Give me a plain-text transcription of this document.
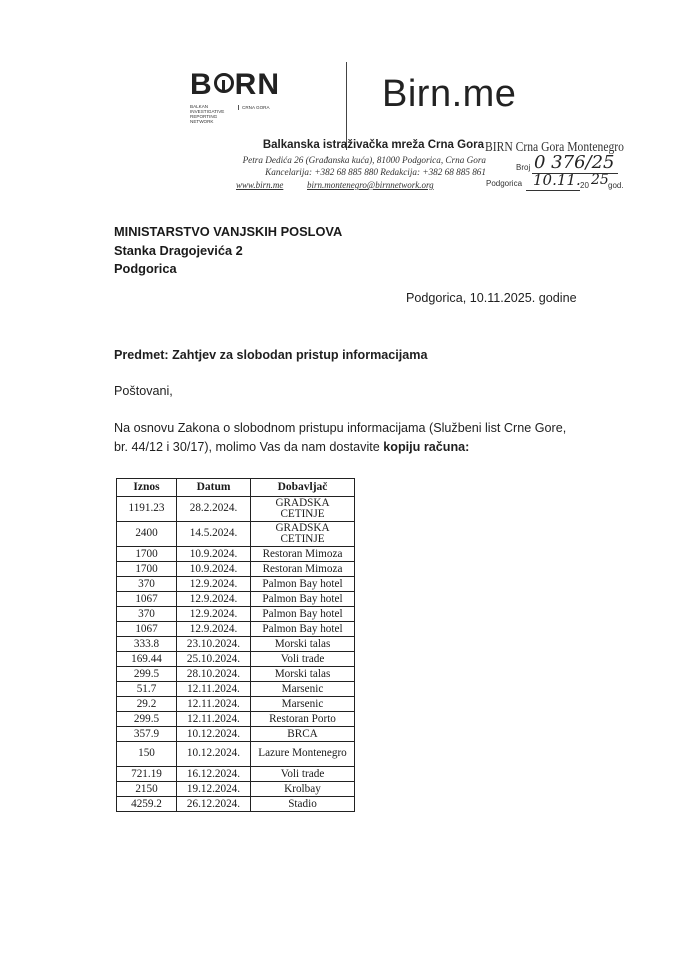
B RN
BALKAN
INVESTIGATIVE
REPORTING
NETWORK
CRNA GORA	Birn.me
Balkanska istraživačka mreža Crna Gora
Petra Dedića 26 (Građanska kuća), 81000 Podgorica, Crna Gora
Kancelarija: +382 68 885 880 Redakcija: +382 68 885 861
www.birn.me	birn.montenegro@birnnetwork.org
BIRN Crna Gora Montenegro
Broj 0 376/25
Podgorica 10.11. 20 25 god.
MINISTARSTVO VANJSKIH POSLOVA
Stanka Dragojevića 2
Podgorica
Podgorica, 10.11.2025. godine
Predmet: Zahtjev za slobodan pristup informacijama
Poštovani,
Na osnovu Zakona o slobodnom pristupu informacijama (Službeni list Crne Gore,
br. 44/12 i 30/17), molimo Vas da nam dostavite kopiju računa:
Iznos	Datum	Dobavljač
1191.23	28.2.2024.	GRADSKA CETINJE
2400	14.5.2024.	GRADSKA CETINJE
1700	10.9.2024.	Restoran Mimoza
1700	10.9.2024.	Restoran Mimoza
370	12.9.2024.	Palmon Bay hotel
1067	12.9.2024.	Palmon Bay hotel
370	12.9.2024.	Palmon Bay hotel
1067	12.9.2024.	Palmon Bay hotel
333.8	23.10.2024.	Morski talas
169.44	25.10.2024.	Voli trade
299.5	28.10.2024.	Morski talas
51.7	12.11.2024.	Marsenic
29.2	12.11.2024.	Marsenic
299.5	12.11.2024.	Restoran Porto
357.9	10.12.2024.	BRCA
150	10.12.2024.	Lazure Montenegro
721.19	16.12.2024.	Voli trade
2150	19.12.2024.	Krolbay
4259.2	26.12.2024.	Stadio
